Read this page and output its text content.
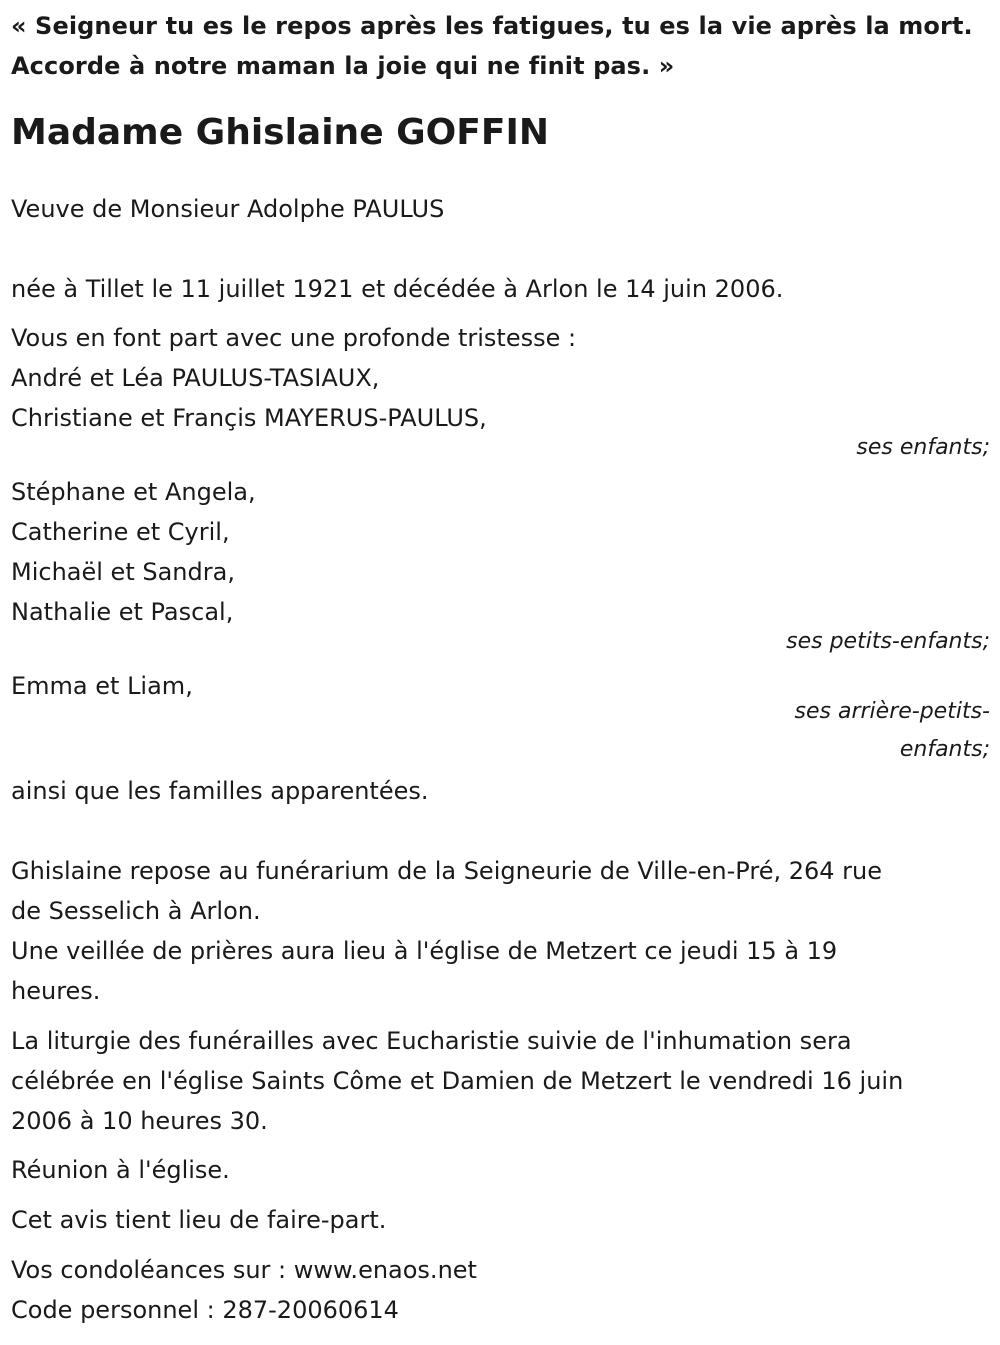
« Seigneur tu es le repos après les fatigues, tu es la vie après la mort.

Accorde à notre maman la joie qui ne finit pas. »

Madame Ghislaine GOFFIN

Veuve de Monsieur Adolphe PAULUS

née à Tillet le 11 juillet 1921 et décédée à Arlon le 14 juin 2006.

Vous en font part avec une profonde tristesse :

André et Léa PAULUS-TASIAUX,

Christiane et Françis MAYERUS-PAULUS,

ses enfants;

Stéphane et Angela,

Catherine et Cyril,

Michaël et Sandra,

Nathalie et Pascal,

ses petits-enfants;

Emma et Liam,

ses arrière-petits-

enfants;

ainsi que les familles apparentées.

Ghislaine repose au funérarium de la Seigneurie de Ville-en-Pré, 264 rue

de Sesselich à Arlon.

Une veillée de prières aura lieu à l'église de Metzert ce jeudi 15 à 19

heures.

La liturgie des funérailles avec Eucharistie suivie de l'inhumation sera

célébrée en l'église Saints Côme et Damien de Metzert le vendredi 16 juin

2006 à 10 heures 30.

Réunion à l'église.

Cet avis tient lieu de faire-part.

Vos condoléances sur : www.enaos.net

Code personnel : 287-20060614
